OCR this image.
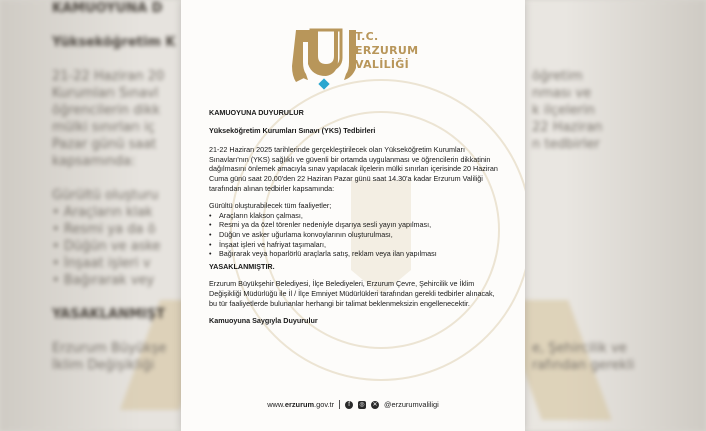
KAMUOYUNA D

Yükseköğretim K

21-22 Haziran 20
Kurumları Sınavl
öğrencilerin dikk
mülki sınırları iç
Pazar günü saat
kapsamında:

Gürültü oluşturu
• Araçların klak
• Resmi ya da ö
• Düğün ve aske
• İnşaat işleri v
• Bağırarak vey

YASAKLANMIŞT

Erzurum Büyükşe
İklim Değişikliği

öğretim
nması ve
k ilçelerin
22 Haziran
n tedbirler

e, Şehircilik ve
rafından gerekli
T.C.
ERZURUM
VALİLİĞİ
KAMUOYUNA DUYURULUR
Yükseköğretim Kurumları Sınavı (YKS) Tedbirleri
21-22 Haziran 2025 tarihlerinde gerçekleştirilecek olan Yükseköğretim Kurumları Sınavları'nın (YKS) sağlıklı ve güvenli bir ortamda uygulanması ve öğrencilerin dikkatinin dağılmasını önlemek amacıyla sınav yapılacak ilçelerin mülki sınırları içerisinde 20 Haziran Cuma günü saat 20.00'den 22 Haziran Pazar günü saat 14.30'a kadar Erzurum Valiliği tarafından alınan tedbirler kapsamında:
Gürültü oluşturabilecek tüm faaliyetler;
• Araçların klakson çalması,
• Resmi ya da özel törenler nedeniyle dışarıya sesli yayın yapılması,
• Düğün ve asker uğurlama konvoylarının oluşturulması,
• İnşaat işleri ve hafriyat taşımaları,
• Bağırarak veya hoparlörlü araçlarla satış, reklam veya ilan yapılması
YASAKLANMIŞTIR.
Erzurum Büyükşehir Belediyesi, İlçe Belediyeleri, Erzurum Çevre, Şehircilik ve İklim Değişikliği Müdürlüğü ile İl / İlçe Emniyet Müdürlükleri tarafından gerekli tedbirler alınacak, bu tür faaliyetlerde bulunanlar herhangi bir talimat beklenmeksizin engellenecektir.
Kamuoyuna Saygıyla Duyurulur
www.erzurum.gov.tr	f	◎ ✕ @erzurumvaliligi
